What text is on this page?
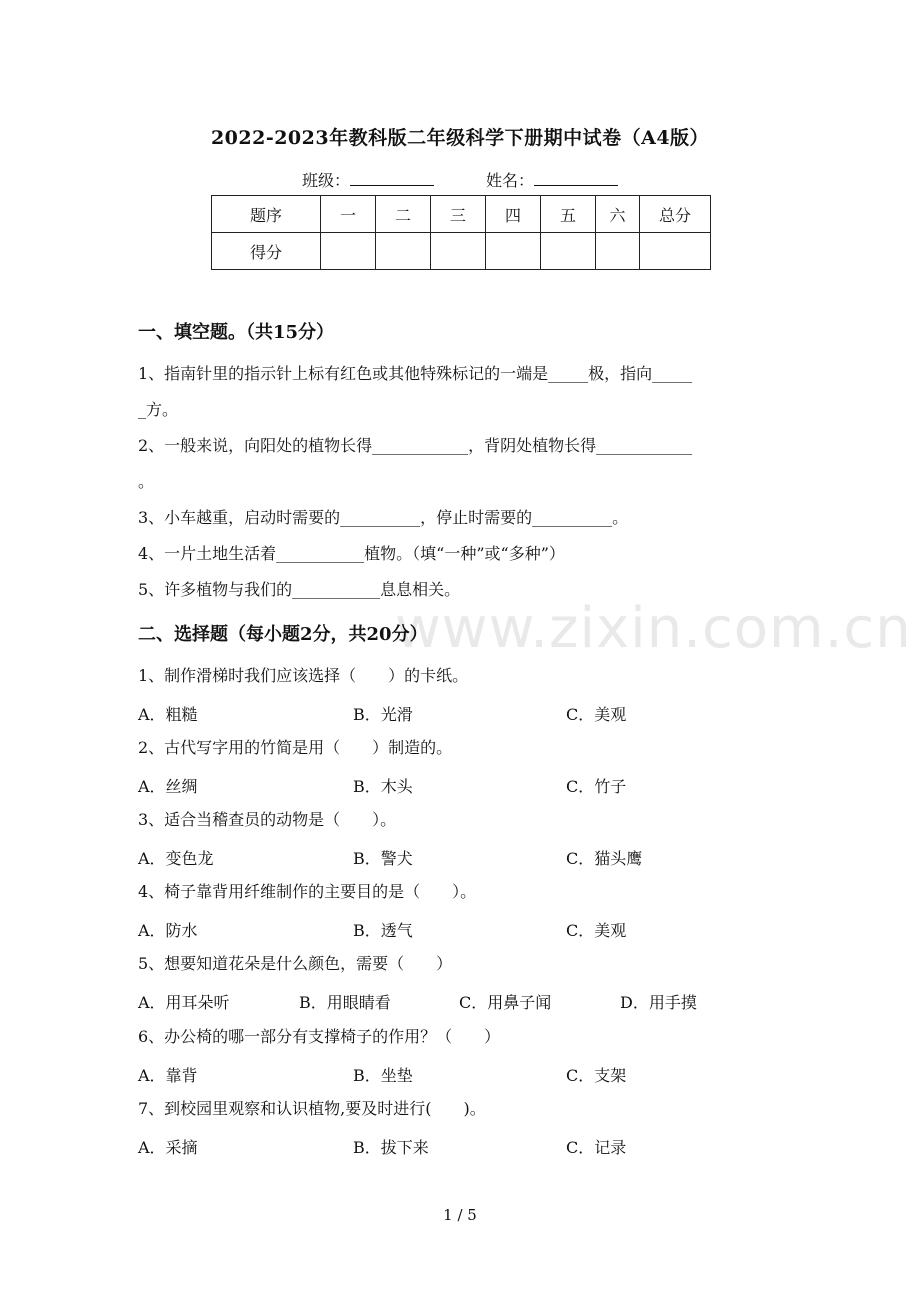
2022-2023年教科版二年级科学下册期中试卷（A4版）
班级：	姓名：
题序	一	二	三	四	五	六	总分
得分							
www.zixin.com.cn
一、填空题。（共15分）
1、指南针里的指示针上标有红色或其他特殊标记的一端是_____极，指向_____
_方。
2、一般来说，向阳处的植物长得____________，背阴处植物长得____________
。
3、小车越重，启动时需要的__________，停止时需要的__________。
4、一片土地生活着___________植物。（填“一种”或“多种”）
5、许多植物与我们的___________息息相关。
二、选择题（每小题2分，共20分）
1、制作滑梯时我们应该选择（　　）的卡纸。
A．粗糙	B．光滑	C．美观
2、古代写字用的竹简是用（　　）制造的。
A．丝绸	B．木头	C．竹子
3、适合当稽查员的动物是（　　）。
A．变色龙	B．警犬	C．猫头鹰
4、椅子靠背用纤维制作的主要目的是（　　）。
A．防水	B．透气	C．美观
5、想要知道花朵是什么颜色，需要（　　）
A．用耳朵听	B．用眼睛看	C．用鼻子闻	D．用手摸
6、办公椅的哪一部分有支撑椅子的作用？（　　）
A．靠背	B．坐垫	C．支架
7、到校园里观察和认识植物,要及时进行(　　)。
A．采摘	B．拔下来	C．记录
1 / 5
